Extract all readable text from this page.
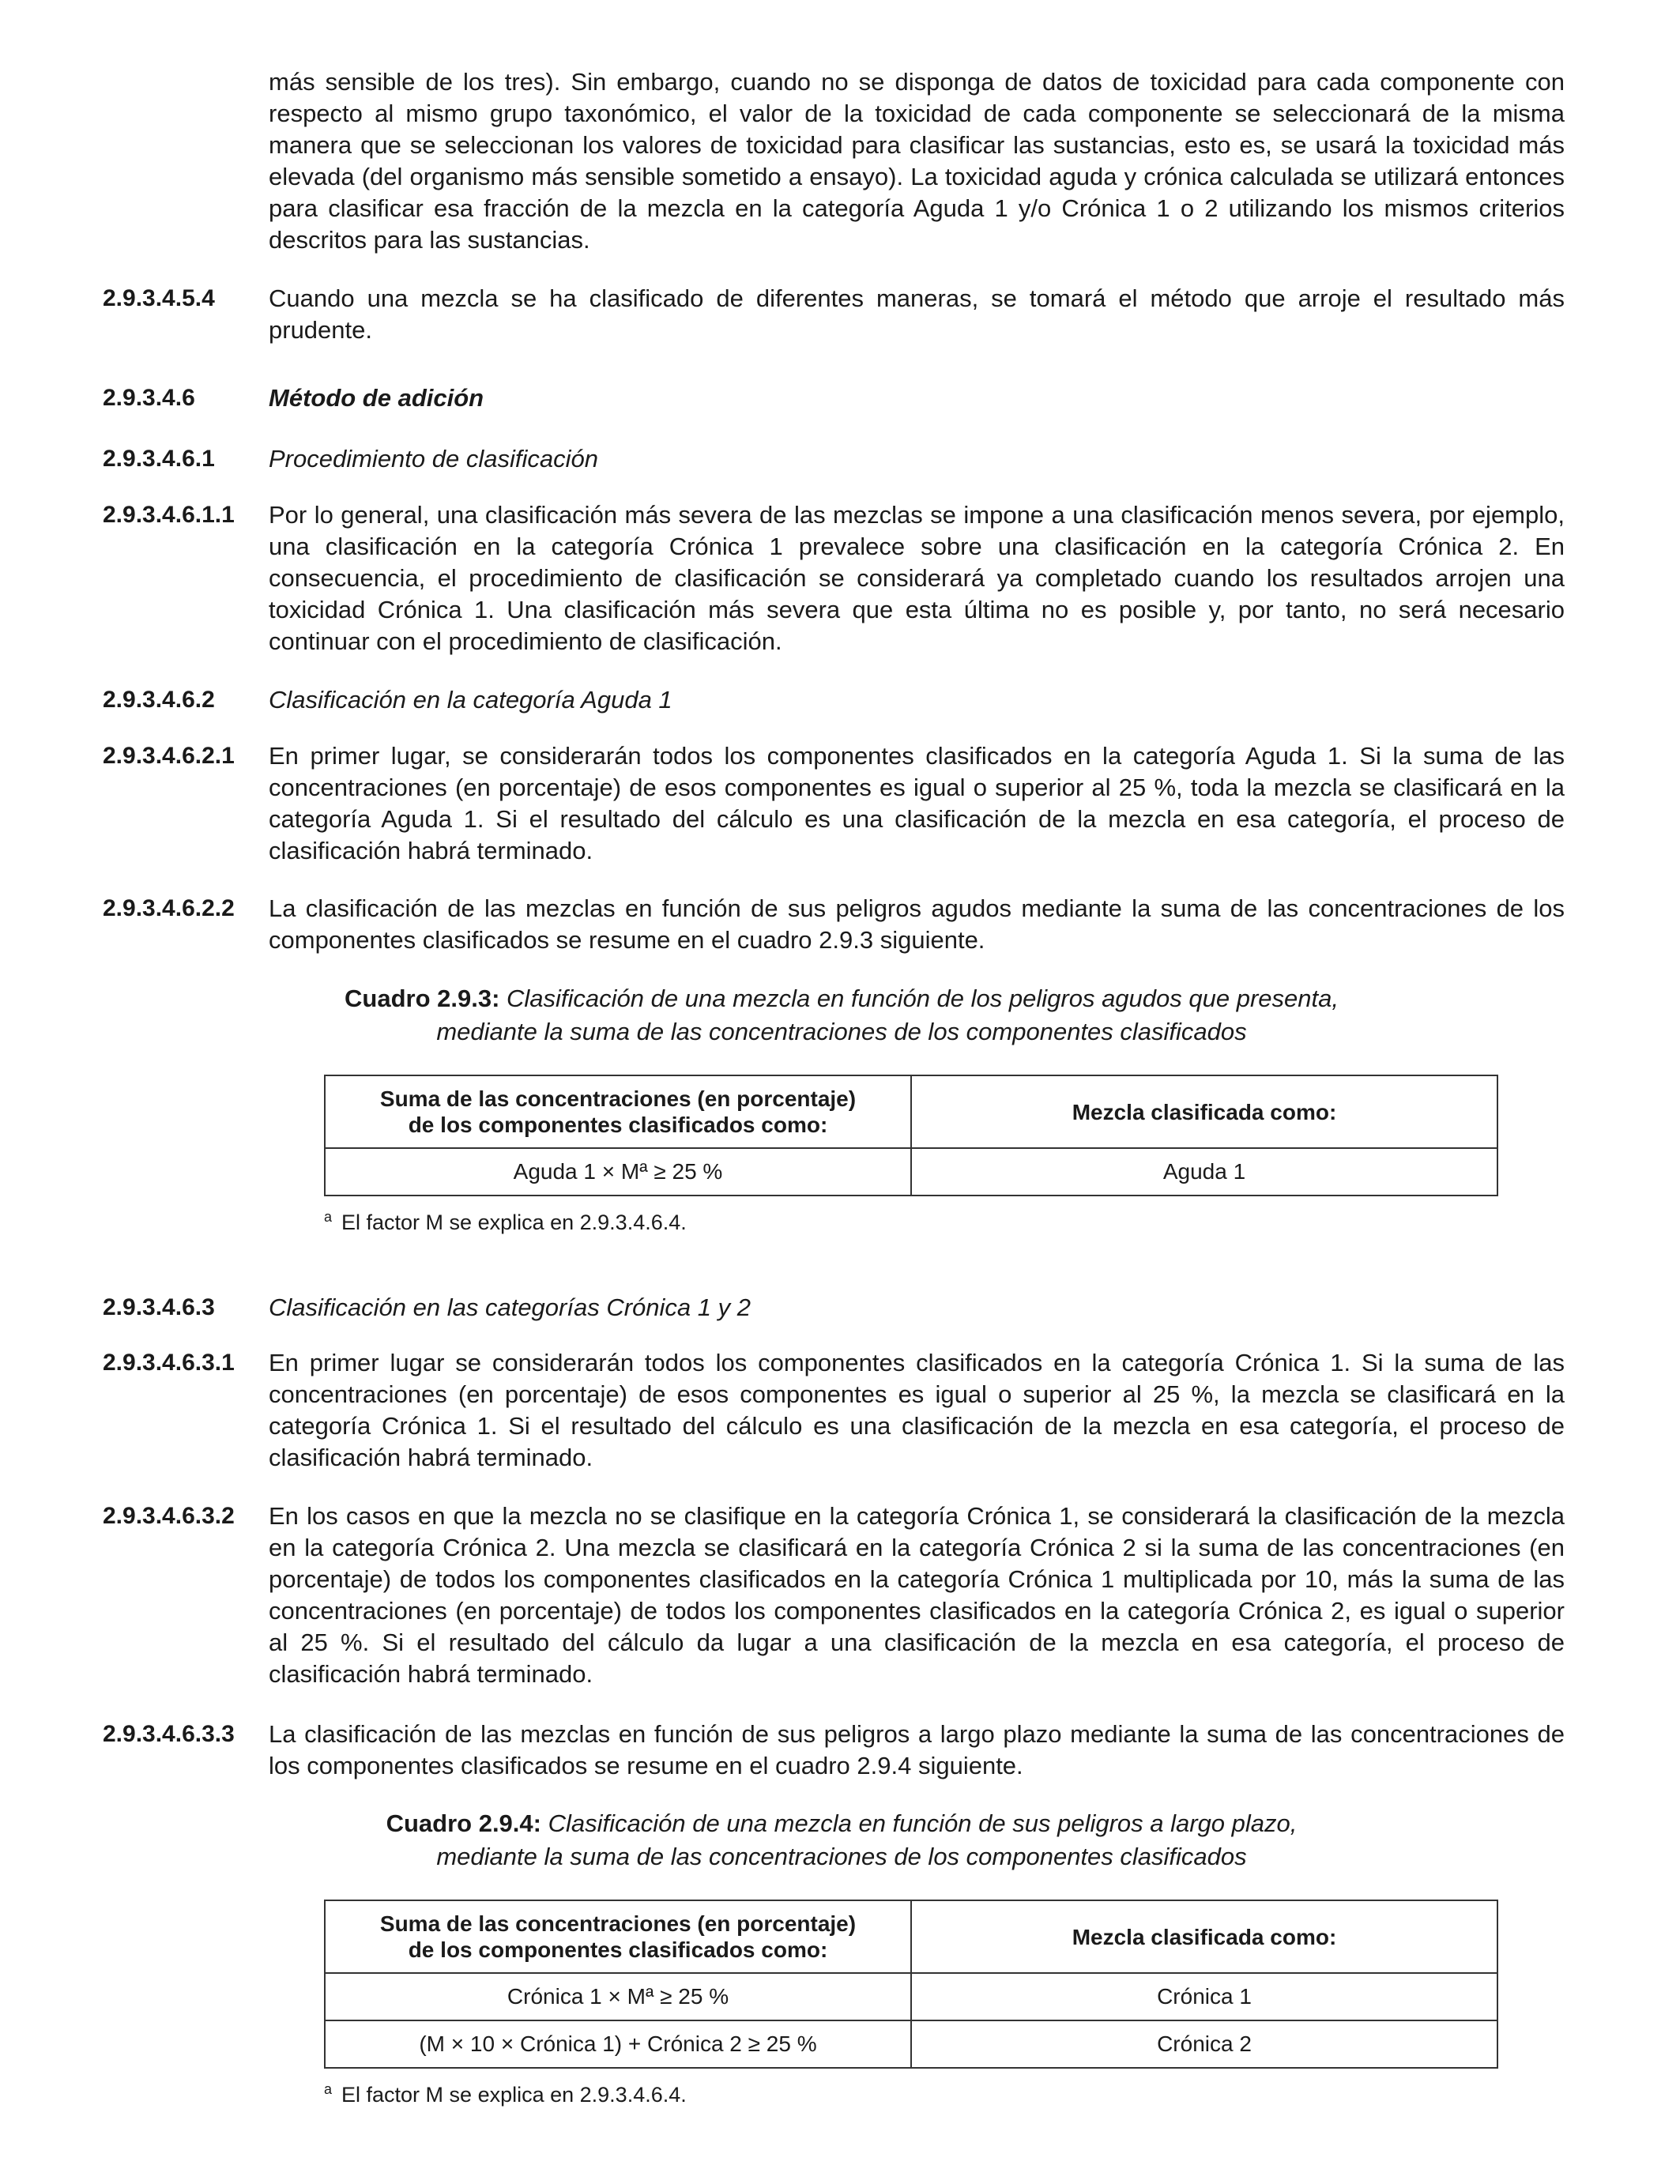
más sensible de los tres). Sin embargo, cuando no se disponga de datos de toxicidad para cada componente con respecto al mismo grupo taxonómico, el valor de la toxicidad de cada componente se seleccionará de la misma manera que se seleccionan los valores de toxicidad para clasificar las sustancias, esto es, se usará la toxicidad más elevada (del organismo más sensible sometido a ensayo). La toxicidad aguda y crónica calculada se utilizará entonces para clasificar esa fracción de la mezcla en la categoría Aguda 1 y/o Crónica 1 o 2 utilizando los mismos criterios descritos para las sustancias.
2.9.3.4.5.4	Cuando una mezcla se ha clasificado de diferentes maneras, se tomará el método que arroje el resultado más prudente.
2.9.3.4.6	Método de adición
2.9.3.4.6.1	Procedimiento de clasificación
2.9.3.4.6.1.1	Por lo general, una clasificación más severa de las mezclas se impone a una clasificación menos severa, por ejemplo, una clasificación en la categoría Crónica 1 prevalece sobre una clasificación en la categoría Crónica 2. En consecuencia, el procedimiento de clasificación se considerará ya completado cuando los resultados arrojen una toxicidad Crónica 1. Una clasificación más severa que esta última no es posible y, por tanto, no será necesario continuar con el procedimiento de clasificación.
2.9.3.4.6.2	Clasificación en la categoría Aguda 1
2.9.3.4.6.2.1	En primer lugar, se considerarán todos los componentes clasificados en la categoría Aguda 1. Si la suma de las concentraciones (en porcentaje) de esos componentes es igual o superior al 25 %, toda la mezcla se clasificará en la categoría Aguda 1. Si el resultado del cálculo es una clasificación de la mezcla en esa categoría, el proceso de clasificación habrá terminado.
2.9.3.4.6.2.2	La clasificación de las mezclas en función de sus peligros agudos mediante la suma de las concentraciones de los componentes clasificados se resume en el cuadro 2.9.3 siguiente.
Cuadro 2.9.3: Clasificación de una mezcla en función de los peligros agudos que presenta,
mediante la suma de las concentraciones de los componentes clasificados
Suma de las concentraciones (en porcentaje)
de los componentes clasificados como:	Mezcla clasificada como:
Aguda 1 × Mª ≥ 25 %	Aguda 1
$^a$ El factor M se explica en 2.9.3.4.6.4.
2.9.3.4.6.3	Clasificación en las categorías Crónica 1 y 2
2.9.3.4.6.3.1	En primer lugar se considerarán todos los componentes clasificados en la categoría Crónica 1. Si la suma de las concentraciones (en porcentaje) de esos componentes es igual o superior al 25 %, la mezcla se clasificará en la categoría Crónica 1. Si el resultado del cálculo es una clasificación de la mezcla en esa categoría, el proceso de clasificación habrá terminado.
2.9.3.4.6.3.2	En los casos en que la mezcla no se clasifique en la categoría Crónica 1, se considerará la clasificación de la mezcla en la categoría Crónica 2. Una mezcla se clasificará en la categoría Crónica 2 si la suma de las concentraciones (en porcentaje) de todos los componentes clasificados en la categoría Crónica 1 multiplicada por 10, más la suma de las concentraciones (en porcentaje) de todos los componentes clasificados en la categoría Crónica 2, es igual o superior al 25 %. Si el resultado del cálculo da lugar a una clasificación de la mezcla en esa categoría, el proceso de clasificación habrá terminado.
2.9.3.4.6.3.3	La clasificación de las mezclas en función de sus peligros a largo plazo mediante la suma de las concentraciones de los componentes clasificados se resume en el cuadro 2.9.4 siguiente.
Cuadro 2.9.4: Clasificación de una mezcla en función de sus peligros a largo plazo,
mediante la suma de las concentraciones de los componentes clasificados
Suma de las concentraciones (en porcentaje)
de los componentes clasificados como:	Mezcla clasificada como:
Crónica 1 × Mª ≥ 25 %	Crónica 1
(M × 10 × Crónica 1) + Crónica 2 ≥ 25 %	Crónica 2
$^a$ El factor M se explica en 2.9.3.4.6.4.
